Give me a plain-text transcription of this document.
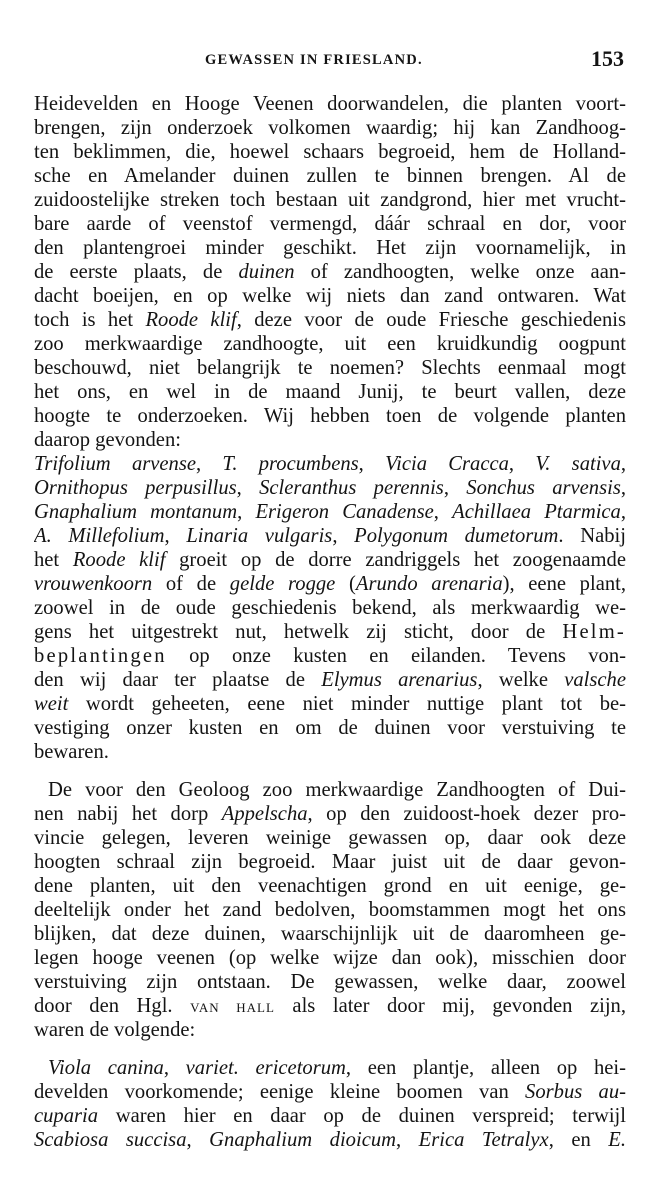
GEWASSEN IN FRIESLAND.	153
Heidevelden en Hooge Veenen doorwandelen, die planten voort-
brengen, zijn onderzoek volkomen waardig; hij kan Zandhoog-
ten beklimmen, die, hoewel schaars begroeid, hem de Holland-
sche en Amelander duinen zullen te binnen brengen. Al de
zuidoostelijke streken toch bestaan uit zandgrond, hier met vrucht-
bare aarde of veenstof vermengd, dáár schraal en dor, voor
den plantengroei minder geschikt. Het zijn voornamelijk, in
de eerste plaats, de duinen of zandhoogten, welke onze aan-
dacht boeijen, en op welke wij niets dan zand ontwaren. Wat
toch is het Roode klif, deze voor de oude Friesche geschiedenis
zoo merkwaardige zandhoogte, uit een kruidkundig oogpunt
beschouwd, niet belangrijk te noemen? Slechts eenmaal mogt
het ons, en wel in de maand Junij, te beurt vallen, deze
hoogte te onderzoeken. Wij hebben toen de volgende planten
daarop gevonden:
Trifolium arvense, T. procumbens, Vicia Cracca, V. sativa,
Ornithopus perpusillus, Scleranthus perennis, Sonchus arvensis,
Gnaphalium montanum, Erigeron Canadense, Achillaea Ptarmica,
A. Millefolium, Linaria vulgaris, Polygonum dumetorum. Nabij
het Roode klif groeit op de dorre zandriggels het zoogenaamde
vrouwenkoorn of de gelde rogge (Arundo arenaria), eene plant,
zoowel in de oude geschiedenis bekend, als merkwaardig we-
gens het uitgestrekt nut, hetwelk zij sticht, door de Helm-
beplantingen op onze kusten en eilanden. Tevens von-
den wij daar ter plaatse de Elymus arenarius, welke valsche
weit wordt geheeten, eene niet minder nuttige plant tot be-
vestiging onzer kusten en om de duinen voor verstuiving te
bewaren.
De voor den Geoloog zoo merkwaardige Zandhoogten of Dui-
nen nabij het dorp Appelscha, op den zuidoost-hoek dezer pro-
vincie gelegen, leveren weinige gewassen op, daar ook deze
hoogten schraal zijn begroeid. Maar juist uit de daar gevon-
dene planten, uit den veenachtigen grond en uit eenige, ge-
deeltelijk onder het zand bedolven, boomstammen mogt het ons
blijken, dat deze duinen, waarschijnlijk uit de daaromheen ge-
legen hooge veenen (op welke wijze dan ook), misschien door
verstuiving zijn ontstaan. De gewassen, welke daar, zoowel
door den Hgl. VAN HALL als later door mij, gevonden zijn,
waren de volgende:
Viola canina, variet. ericetorum, een plantje, alleen op hei-
develden voorkomende; eenige kleine boomen van Sorbus au-
cuparia waren hier en daar op de duinen verspreid; terwijl
Scabiosa succisa, Gnaphalium dioicum, Erica Tetralyx, en E.
